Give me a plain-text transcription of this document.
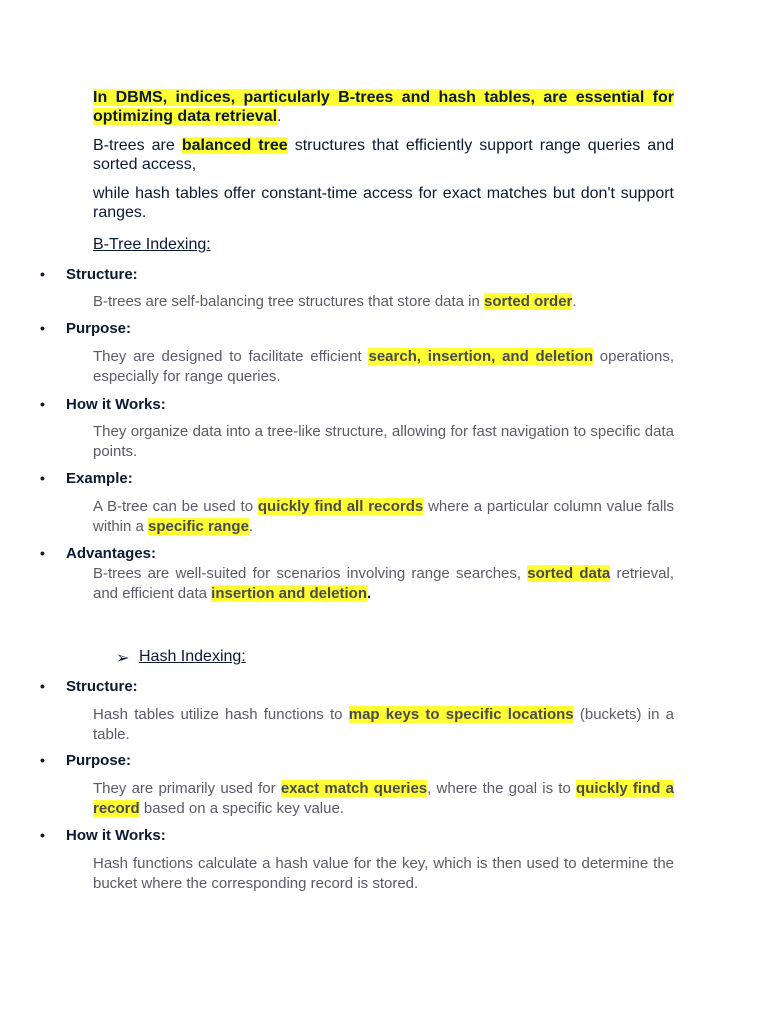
In DBMS, indices, particularly B-trees and hash tables, are essential for optimizing data retrieval.
B-trees are balanced tree structures that efficiently support range queries and sorted access,
while hash tables offer constant-time access for exact matches but don't support ranges.
B-Tree Indexing:
• Structure:
B-trees are self-balancing tree structures that store data in sorted order.
• Purpose:
They are designed to facilitate efficient search, insertion, and deletion operations, especially for range queries.
• How it Works:
They organize data into a tree-like structure, allowing for fast navigation to specific data points.
• Example:
A B-tree can be used to quickly find all records where a particular column value falls within a specific range.
• Advantages:
B-trees are well-suited for scenarios involving range searches, sorted data retrieval, and efficient data insertion and deletion.
➢ Hash Indexing:
• Structure:
Hash tables utilize hash functions to map keys to specific locations (buckets) in a table.
• Purpose:
They are primarily used for exact match queries, where the goal is to quickly find a record based on a specific key value.
• How it Works:
Hash functions calculate a hash value for the key, which is then used to determine the bucket where the corresponding record is stored.
